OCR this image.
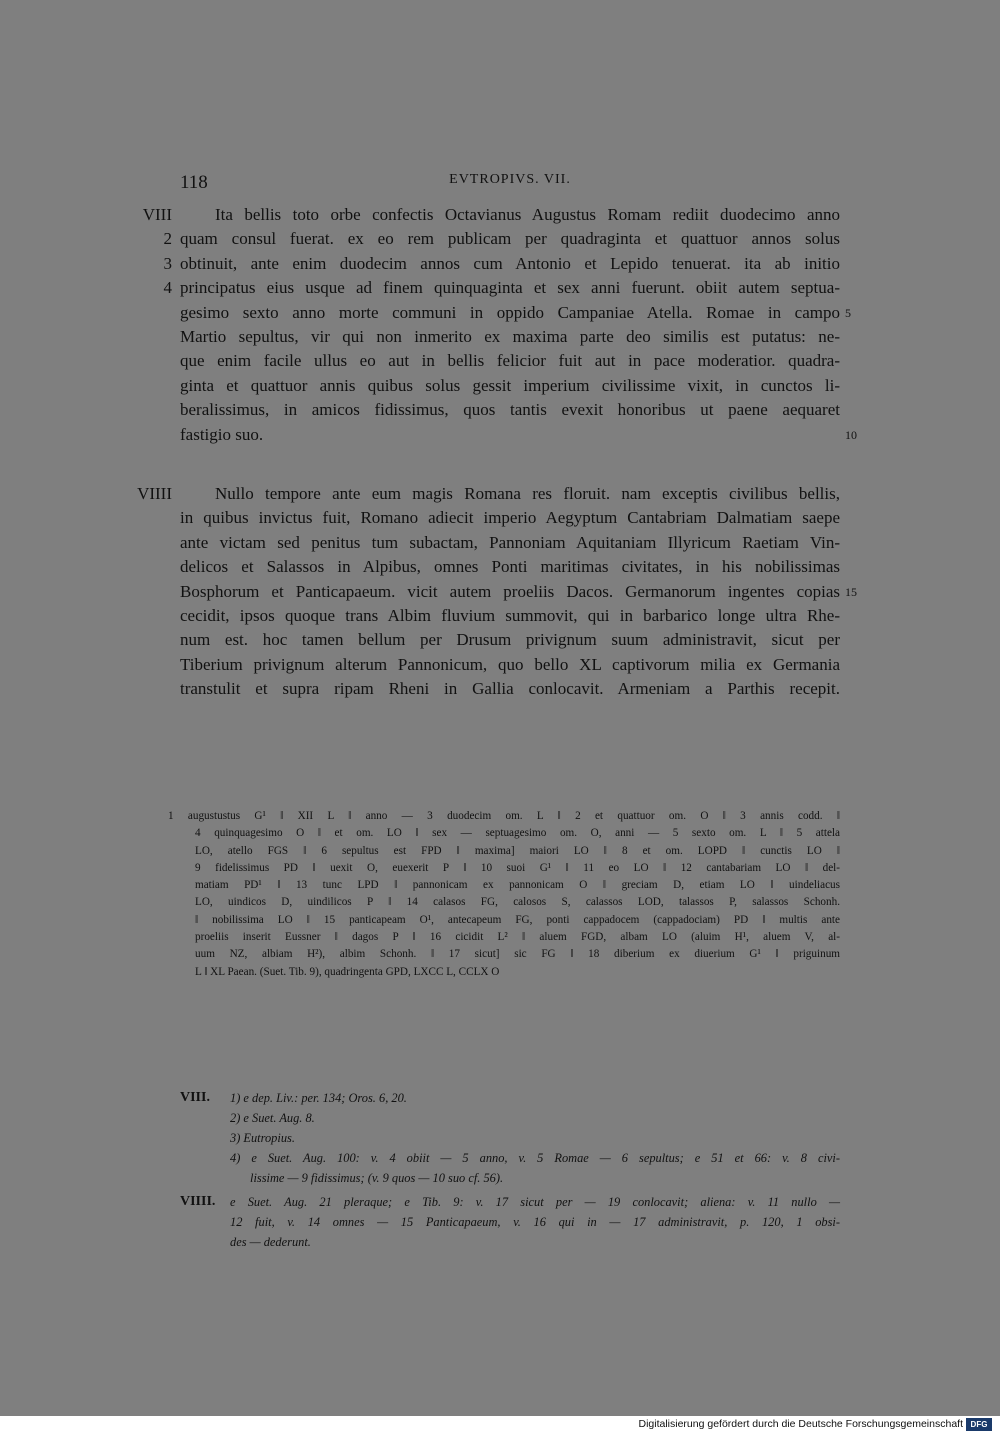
118	EVTROPIVS. VII.
VIII	Ita bellis toto orbe confectis Octavianus Augustus Romam rediit duodecimo anno
2 quam consul fuerat. ex eo rem publicam per quadraginta et quattuor annos solus
3 obtinuit, ante enim duodecim annos cum Antonio et Lepido tenuerat. ita ab initio
4 principatus eius usque ad finem quinquaginta et sex anni fuerunt. obiit autem septua-
gesimo sexto anno morte communi in oppido Campaniae Atella. Romae in campo 5
Martio sepultus, vir qui non inmerito ex maxima parte deo similis est putatus: ne-
que enim facile ullus eo aut in bellis felicior fuit aut in pace moderatior. quadra-
ginta et quattuor annis quibus solus gessit imperium civilissime vixit, in cunctos li-
beralissimus, in amicos fidissimus, quos tantis evexit honoribus ut paene aequaret
fastigio suo.	10
VIIII	Nullo tempore ante eum magis Romana res floruit. nam exceptis civilibus bellis,
in quibus invictus fuit, Romano adiecit imperio Aegyptum Cantabriam Dalmatiam saepe
ante victam sed penitus tum subactam, Pannoniam Aquitaniam Illyricum Raetiam Vin-
delicos et Salassos in Alpibus, omnes Ponti maritimas civitates, in his nobilissimas
Bosphorum et Panticapaeum. vicit autem proeliis Dacos. Germanorum ingentes copias 15
cecidit, ipsos quoque trans Albim fluvium summovit, qui in barbarico longe ultra Rhe-
num est. hoc tamen bellum per Drusum privignum suum administravit, sicut per
Tiberium privignum alterum Pannonicum, quo bello XL captivorum milia ex Germania
transtulit et supra ripam Rheni in Gallia conlocavit. Armeniam a Parthis recepit.
1 augustustus G¹ ‖ XII L ‖ anno — 3 duodecim om. L ‖ 2 et quattuor om. O ‖ 3 annis codd. ‖
4 quinquagesimo O ‖ et om. LO ‖ sex — septuagesimo om. O, anni — 5 sexto om. L ‖ 5 attela
LO, atello FGS ‖ 6 sepultus est FPD ‖ maxima] maiori LO ‖ 8 et om. LOPD ‖ cunctis LO ‖
9 fidelissimus PD ‖ uexit O, euexerit P ‖ 10 suoi G¹ ‖ 11 eo LO ‖ 12 cantabariam LO ‖ del-
matiam PD¹ ‖ 13 tunc LPD ‖ pannonicam ex pannonicam O ‖ greciam D, etiam LO ‖ uindeliacus
LO, uindicos D, uindilicos P ‖ 14 calasos FG, calosos S, calassos LOD, talassos P, salassos Schonh.
‖ nobilissima LO ‖ 15 panticapeam O¹, antecapeum FG, ponti cappadocem (cappadociam) PD ‖ multis ante
proeliis inserit Eussner ‖ dagos P ‖ 16 cicidit L² ‖ aluem FGD, albam LO (aluim H¹, aluem V, al-
uum NZ, albiam H²), albim Schonh. ‖ 17 sicut] sic FG ‖ 18 diberium ex diuerium G¹ ‖ priguinum
L ‖ XL Paean. (Suet. Tib. 9), quadringenta GPD, LXCC L, CCLX O
VIII. 1) e dep. Liv.: per. 134; Oros. 6, 20.
2) e Suet. Aug. 8.
3) Eutropius.
4) e Suet. Aug. 100: v. 4 obiit — 5 anno, v. 5 Romae — 6 sepultus; e 51 et 66: v. 8 civi-
lissime — 9 fidissimus; (v. 9 quos — 10 suo cf. 56).
VIIII. e Suet. Aug. 21 pleraque; e Tib. 9: v. 17 sicut per — 19 conlocavit; aliena: v. 11 nullo —
12 fuit, v. 14 omnes — 15 Panticapaeum, v. 16 qui in — 17 administravit, p. 120, 1 obsi-
des — dederunt.
Digitalisierung gefördert durch die Deutsche Forschungsgemeinschaft DFG
